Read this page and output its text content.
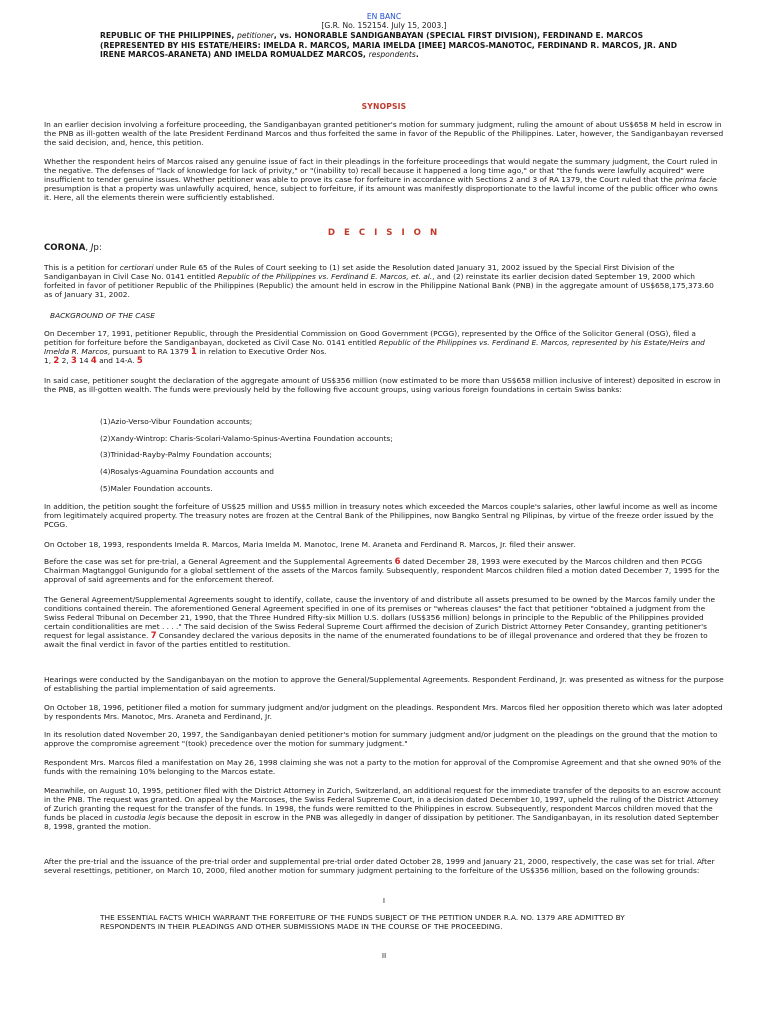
EN BANC
[G.R. No. 152154. July 15, 2003.]
REPUBLIC OF THE PHILIPPINES, petitioner, vs. HONORABLE SANDIGANBAYAN (SPECIAL FIRST DIVISION), FERDINAND E. MARCOS (REPRESENTED BY HIS ESTATE/HEIRS: IMELDA R. MARCOS, MARIA IMELDA [IMEE] MARCOS-MANOTOC, FERDINAND R. MARCOS, JR. AND IRENE MARCOS-ARANETA) AND IMELDA ROMUALDEZ MARCOS, respondents.
SYNOPSIS
In an earlier decision involving a forfeiture proceeding, the Sandiganbayan granted petitioner's motion for summary judgment, ruling the amount of about US$658 M held in escrow in the PNB as ill-gotten wealth of the late President Ferdinand Marcos and thus forfeited the same in favor of the Republic of the Philippines. Later, however, the Sandiganbayan reversed the said decision, and, hence, this petition.
Whether the respondent heirs of Marcos raised any genuine issue of fact in their pleadings in the forfeiture proceedings that would negate the summary judgment, the Court ruled in the negative. The defenses of "lack of knowledge for lack of privity," or "(inability to) recall because it happened a long time ago," or that "the funds were lawfully acquired" were insufficient to tender genuine issues. Whether petitioner was able to prove its case for forfeiture in accordance with Sections 2 and 3 of RA 1379, the Court ruled that the prima facie presumption is that a property was unlawfully acquired, hence, subject to forfeiture, if its amount was manifestly disproportionate to the lawful income of the public officer who owns it. Here, all the elements therein were sufficiently established.
D E C I S I O N
CORONA, Jp:
This is a petition for certiorari under Rule 65 of the Rules of Court seeking to (1) set aside the Resolution dated January 31, 2002 issued by the Special First Division of the Sandiganbayan in Civil Case No. 0141 entitled Republic of the Philippines vs. Ferdinand E. Marcos, et. al., and (2) reinstate its earlier decision dated September 19, 2000 which forfeited in favor of petitioner Republic of the Philippines (Republic) the amount held in escrow in the Philippine National Bank (PNB) in the aggregate amount of US$658,175,373.60 as of January 31, 2002.
BACKGROUND OF THE CASE
On December 17, 1991, petitioner Republic, through the Presidential Commission on Good Government (PCGG), represented by the Office of the Solicitor General (OSG), filed a petition for forfeiture before the Sandiganbayan, docketed as Civil Case No. 0141 entitled Republic of the Philippines vs. Ferdinand E. Marcos, represented by his Estate/Heirs and Imelda R. Marcos, pursuant to RA 1379 1 in relation to Executive Order Nos.
1, 2 2, 3 14 4 and 14-A. 5
In said case, petitioner sought the declaration of the aggregate amount of US$356 million (now estimated to be more than US$658 million inclusive of interest) deposited in escrow in the PNB, as ill-gotten wealth. The funds were previously held by the following five account groups, using various foreign foundations in certain Swiss banks:
(1)Azio-Verso-Vibur Foundation accounts;
(2)Xandy-Wintrop: Charis-Scolari-Valamo-Spinus-Avertina Foundation accounts;
(3)Trinidad-Rayby-Palmy Foundation accounts;
(4)Rosalys-Aguamina Foundation accounts and
(5)Maler Foundation accounts.
In addition, the petition sought the forfeiture of US$25 million and US$5 million in treasury notes which exceeded the Marcos couple's salaries, other lawful income as well as income from legitimately acquired property. The treasury notes are frozen at the Central Bank of the Philippines, now Bangko Sentral ng Pilipinas, by virtue of the freeze order issued by the PCGG.
On October 18, 1993, respondents Imelda R. Marcos, Maria Imelda M. Manotoc, Irene M. Araneta and Ferdinand R. Marcos, Jr. filed their answer.
Before the case was set for pre-trial, a General Agreement and the Supplemental Agreements 6 dated December 28, 1993 were executed by the Marcos children and then PCGG Chairman Magtanggol Gunigundo for a global settlement of the assets of the Marcos family. Subsequently, respondent Marcos children filed a motion dated December 7, 1995 for the approval of said agreements and for the enforcement thereof.
The General Agreement/Supplemental Agreements sought to identify, collate, cause the inventory of and distribute all assets presumed to be owned by the Marcos family under the conditions contained therein. The aforementioned General Agreement specified in one of its premises or "whereas clauses" the fact that petitioner "obtained a judgment from the Swiss Federal Tribunal on December 21, 1990, that the Three Hundred Fifty-six Million U.S. dollars (US$356 million) belongs in principle to the Republic of the Philippines provided certain conditionalities are met . . . ." The said decision of the Swiss Federal Supreme Court affirmed the decision of Zurich District Attorney Peter Consandey, granting petitioner's request for legal assistance. 7 Consandey declared the various deposits in the name of the enumerated foundations to be of illegal provenance and ordered that they be frozen to await the final verdict in favor of the parties entitled to restitution.
Hearings were conducted by the Sandiganbayan on the motion to approve the General/Supplemental Agreements. Respondent Ferdinand, Jr. was presented as witness for the purpose of establishing the partial implementation of said agreements.
On October 18, 1996, petitioner filed a motion for summary judgment and/or judgment on the pleadings. Respondent Mrs. Marcos filed her opposition thereto which was later adopted by respondents Mrs. Manotoc, Mrs. Araneta and Ferdinand, Jr.
In its resolution dated November 20, 1997, the Sandiganbayan denied petitioner's motion for summary judgment and/or judgment on the pleadings on the ground that the motion to approve the compromise agreement "(took) precedence over the motion for summary judgment."
Respondent Mrs. Marcos filed a manifestation on May 26, 1998 claiming she was not a party to the motion for approval of the Compromise Agreement and that she owned 90% of the funds with the remaining 10% belonging to the Marcos estate.
Meanwhile, on August 10, 1995, petitioner filed with the District Attorney in Zurich, Switzerland, an additional request for the immediate transfer of the deposits to an escrow account in the PNB. The request was granted. On appeal by the Marcoses, the Swiss Federal Supreme Court, in a decision dated December 10, 1997, upheld the ruling of the District Attorney of Zurich granting the request for the transfer of the funds. In 1998, the funds were remitted to the Philippines in escrow. Subsequently, respondent Marcos children moved that the funds be placed in custodia legis because the deposit in escrow in the PNB was allegedly in danger of dissipation by petitioner. The Sandiganbayan, in its resolution dated September 8, 1998, granted the motion.
After the pre-trial and the issuance of the pre-trial order and supplemental pre-trial order dated October 28, 1999 and January 21, 2000, respectively, the case was set for trial. After several resettings, petitioner, on March 10, 2000, filed another motion for summary judgment pertaining to the forfeiture of the US$356 million, based on the following grounds:
I
THE ESSENTIAL FACTS WHICH WARRANT THE FORFEITURE OF THE FUNDS SUBJECT OF THE PETITION UNDER R.A. NO. 1379 ARE ADMITTED BY RESPONDENTS IN THEIR PLEADINGS AND OTHER SUBMISSIONS MADE IN THE COURSE OF THE PROCEEDING.
II
